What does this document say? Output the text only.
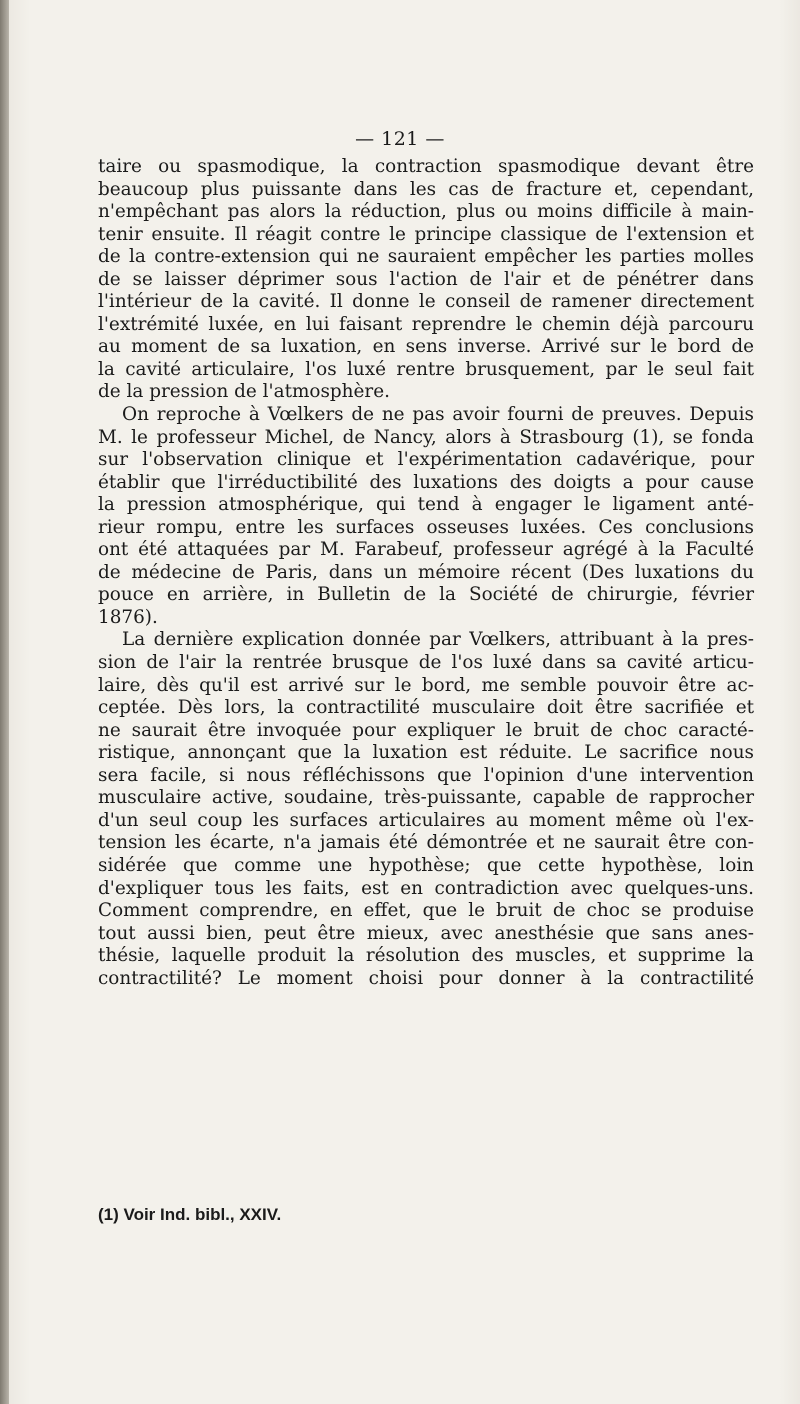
— 121 —

taire ou spasmodique, la contraction spasmodique devant être
beaucoup plus puissante dans les cas de fracture et, cependant,
n'empêchant pas alors la réduction, plus ou moins difficile à main-
tenir ensuite. Il réagit contre le principe classique de l'extension et
de la contre-extension qui ne sauraient empêcher les parties molles
de se laisser déprimer sous l'action de l'air et de pénétrer dans
l'intérieur de la cavité. Il donne le conseil de ramener directement
l'extrémité luxée, en lui faisant reprendre le chemin déjà parcouru
au moment de sa luxation, en sens inverse. Arrivé sur le bord de
la cavité articulaire, l'os luxé rentre brusquement, par le seul fait
de la pression de l'atmosphère.

On reproche à Vœlkers de ne pas avoir fourni de preuves. Depuis
M. le professeur Michel, de Nancy, alors à Strasbourg (1), se fonda
sur l'observation clinique et l'expérimentation cadavérique, pour
établir que l'irréductibilité des luxations des doigts a pour cause
la pression atmosphérique, qui tend à engager le ligament anté-
rieur rompu, entre les surfaces osseuses luxées. Ces conclusions
ont été attaquées par M. Farabeuf, professeur agrégé à la Faculté
de médecine de Paris, dans un mémoire récent (Des luxations du
pouce en arrière, in Bulletin de la Société de chirurgie, février
1876).

La dernière explication donnée par Vœlkers, attribuant à la pres-
sion de l'air la rentrée brusque de l'os luxé dans sa cavité articu-
laire, dès qu'il est arrivé sur le bord, me semble pouvoir être ac-
ceptée. Dès lors, la contractilité musculaire doit être sacrifiée et
ne saurait être invoquée pour expliquer le bruit de choc caracté-
ristique, annonçant que la luxation est réduite. Le sacrifice nous
sera facile, si nous réfléchissons que l'opinion d'une intervention
musculaire active, soudaine, très-puissante, capable de rapprocher
d'un seul coup les surfaces articulaires au moment même où l'ex-
tension les écarte, n'a jamais été démontrée et ne saurait être con-
sidérée que comme une hypothèse; que cette hypothèse, loin
d'expliquer tous les faits, est en contradiction avec quelques-uns.
Comment comprendre, en effet, que le bruit de choc se produise
tout aussi bien, peut être mieux, avec anesthésie que sans anes-
thésie, laquelle produit la résolution des muscles, et supprime la
contractilité? Le moment choisi pour donner à la contractilité

(1) Voir Ind. bibl., XXIV.
